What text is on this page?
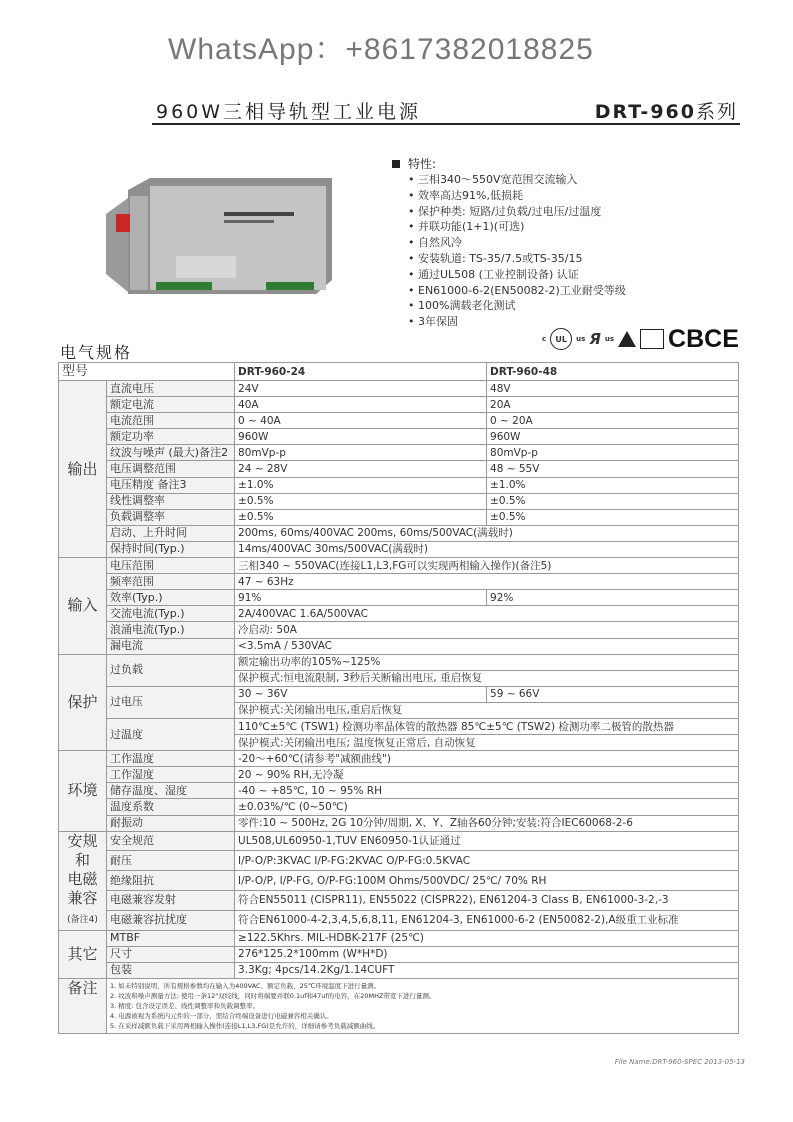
WhatsApp：+8617382018825
960W三相导轨型工业电源	DRT-960系列
特性:
• 三相340～550V宽范围交流输入
• 效率高达91%,低损耗
• 保护种类: 短路/过负载/过电压/过温度
• 并联功能(1+1)(可选)
• 自然风冷
• 安装轨道: TS-35/7.5或TS-35/15
• 通过UL508 (工业控制设备) 认证
• EN61000-6-2(EN50082-2)工业耐受等级
• 100%满载老化测试
• 3年保固
c	UL	us Я us CBCE
电气规格
型号		DRT-960-24	DRT-960-48
输出	直流电压	24V	48V
	额定电流	40A	20A
	电流范围	0 ~ 40A	0 ~ 20A
	额定功率	960W	960W
	纹波与噪声 (最大)备注2	80mVp-p	80mVp-p
	电压调整范围	24 ~ 28V	48 ~ 55V
	电压精度 备注3	±1.0%	±1.0%
	线性调整率	±0.5%	±0.5%
	负载调整率	±0.5%	±0.5%
	启动、上升时间	200ms, 60ms/400VAC 200ms, 60ms/500VAC(满载时)	
	保持时间(Typ.)	14ms/400VAC 30ms/500VAC(满载时)	
输入	电压范围	三相340 ~ 550VAC(连接L1,L3,FG可以实现两相输入操作)(备注5)	
	频率范围	47 ~ 63Hz	
	效率(Typ.)	91%	92%
	交流电流(Typ.)	2A/400VAC 1.6A/500VAC	
	浪涌电流(Typ.)	冷启动: 50A	
	漏电流	<3.5mA / 530VAC	
保护	过负载	额定输出功率的105%~125%	
		保护模式:恒电流限制, 3秒后关断输出电压, 重启恢复	
	过电压	30 ~ 36V	59 ~ 66V
		保护模式:关闭输出电压,重启后恢复	
	过温度	110℃±5℃ (TSW1) 检测功率晶体管的散热器 85℃±5℃ (TSW2) 检测功率二极管的散热器	
		保护模式:关闭输出电压; 温度恢复正常后, 自动恢复	
环境	工作温度	-20～+60℃(请参考"减额曲线")	
	工作湿度	20 ~ 90% RH,无冷凝	
	储存温度、湿度	-40 ~ +85℃, 10 ~ 95% RH	
	温度系数	±0.03%/℃ (0~50℃)	
	耐振动	零件:10 ~ 500Hz, 2G 10分钟/周期, X、Y、Z轴各60分钟;安装:符合IEC60068-2-6	
安规和
电磁
兼容
(备注4)	安全规范	UL508,UL60950-1,TUV EN60950-1认证通过	
	耐压	I/P-O/P:3KVAC I/P-FG:2KVAC O/P-FG:0.5KVAC	
	绝缘阻抗	I/P-O/P, I/P-FG, O/P-FG:100M Ohms/500VDC/ 25℃/ 70% RH	
	电磁兼容发射	符合EN55011 (CISPR11), EN55022 (CISPR22), EN61204-3 Class B, EN61000-3-2,-3	
	电磁兼容抗扰度	符合EN61000-4-2,3,4,5,6,8,11, EN61204-3, EN61000-6-2 (EN50082-2),A级重工业标准	
其它	MTBF	≥122.5Khrs. MIL-HDBK-217F (25℃)	
	尺寸	276*125.2*100mm (W*H*D)	
	包装	3.3Kg; 4pcs/14.2Kg/1.14CUFT	
备注	1. 如未特别说明，所有规格参数均在输入为400VAC、额定负载、25℃环境温度下进行量测。
2. 纹波和噪声测量方法: 使用一条12"双绞线，同时将端要并联0.1uf和47uf的电容，在20MHZ带宽下进行量测。
3. 精度: 包含设定误差、线性调整率和负载调整率。
4. 电源被视为系统内元件的一部分，需结合终端设备进行电磁兼容相关确认。
5. 在采样减额负载下采用两相输入操作(连接L1,L3,FG)是允许的，详细请参考负载减额曲线。		
File Name:DRT-960-SPEC 2013-05-13
